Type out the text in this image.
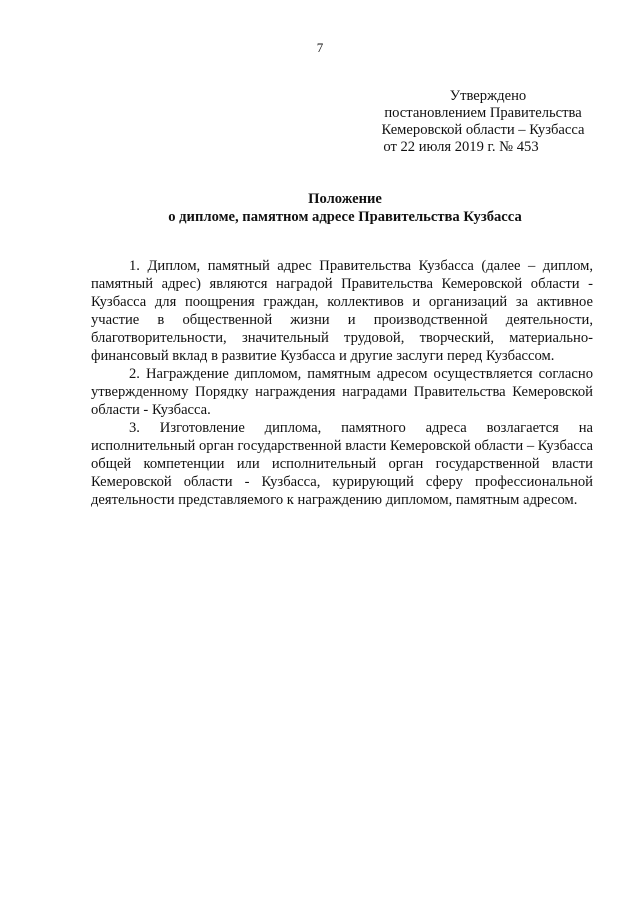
7
Утверждено
постановлением Правительства
Кемеровской области – Кузбасса
от 22 июля 2019 г. № 453
Положение
о дипломе, памятном адресе Правительства Кузбасса

1. Диплом, памятный адрес Правительства Кузбасса (далее – диплом, памятный адрес) являются наградой Правительства Кемеровской области - Кузбасса для поощрения граждан, коллективов и организаций за активное участие в общественной жизни и производственной деятельности, благотворительности, значительный трудовой, творческий, материально-финансовый вклад в развитие Кузбасса и другие заслуги перед Кузбассом.

2. Награждение дипломом, памятным адресом осуществляется согласно утвержденному Порядку награждения наградами Правительства Кемеровской области - Кузбасса.

3. Изготовление диплома, памятного адреса возлагается на исполнительный орган государственной власти Кемеровской области – Кузбасса общей компетенции или исполнительный орган государственной власти Кемеровской области - Кузбасса, курирующий сферу профессиональной деятельности представляемого к награждению дипломом, памятным адресом.
